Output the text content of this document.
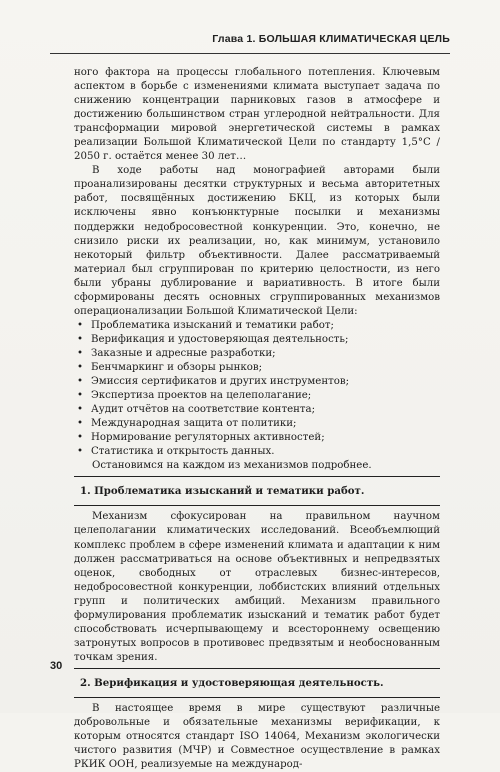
Глава 1. БОЛЬШАЯ КЛИМАТИЧЕСКАЯ ЦЕЛЬ

ного фактора на процессы глобального потепления. Ключевым аспектом в борьбе с изменениями климата выступает задача по снижению концентрации парниковых газов в атмосфере и достижению большинством стран углеродной нейтральности. Для трансформации мировой энергетической системы в рамках реализации Большой Климатической Цели по стандарту 1,5°C / 2050 г. остаётся менее 30 лет…

В ходе работы над монографией авторами были проанализированы десятки структурных и весьма авторитетных работ, посвящённых достижению БКЦ, из которых были исключены явно конъюнктурные посылки и механизмы поддержки недобросовестной конкуренции. Это, конечно, не снизило риски их реализации, но, как минимум, установило некоторый фильтр объективности. Далее рассматриваемый материал был сгруппирован по критерию целостности, из него были убраны дублирование и вариативность. В итоге были сформированы десять основных сгруппированных механизмов операционализации Большой Климатической Цели:

• Проблематика изысканий и тематики работ;
• Верификация и удостоверяющая деятельность;
• Заказные и адресные разработки;
• Бенчмаркинг и обзоры рынков;
• Эмиссия сертификатов и других инструментов;
• Экспертиза проектов на целеполагание;
• Аудит отчётов на соответствие контента;
• Международная защита от политики;
• Нормирование регуляторных активностей;
• Статистика и открытость данных.

Остановимся на каждом из механизмов подробнее.

1. Проблематика изысканий и тематики работ.

Механизм сфокусирован на правильном научном целеполагании климатических исследований. Всеобъемлющий комплекс проблем в сфере изменений климата и адаптации к ним должен рассматриваться на основе объективных и непредвзятых оценок, свободных от отраслевых бизнес-интересов, недобросовестной конкуренции, лоббистских влияний отдельных групп и политических амбиций. Механизм правильного формулирования проблематик изысканий и тематик работ будет способствовать исчерпывающему и всестороннему освещению затронутых вопросов в противовес предвзятым и необоснованным точкам зрения.

2. Верификация и удостоверяющая деятельность.

В настоящее время в мире существуют различные добровольные и обязательные механизмы верификации, к которым относятся стандарт ISO 14064, Механизм экологически чистого развития (МЧР) и Совместное осуществление в рамках РКИК ООН, реализуемые на международ-

30
